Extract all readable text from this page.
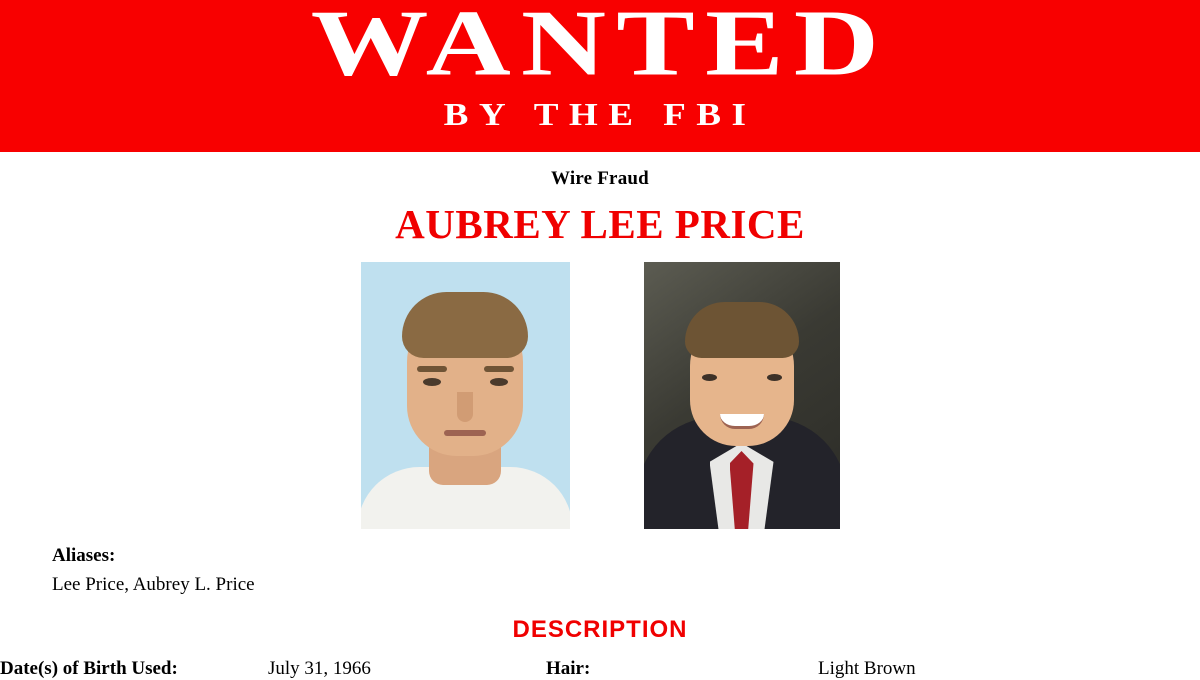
WANTED
BY THE FBI
Wire Fraud
AUBREY LEE PRICE
Aliases:
Lee Price, Aubrey L. Price
DESCRIPTION
Date(s) of Birth Used:	July 31, 1966	Hair:	Light Brown
